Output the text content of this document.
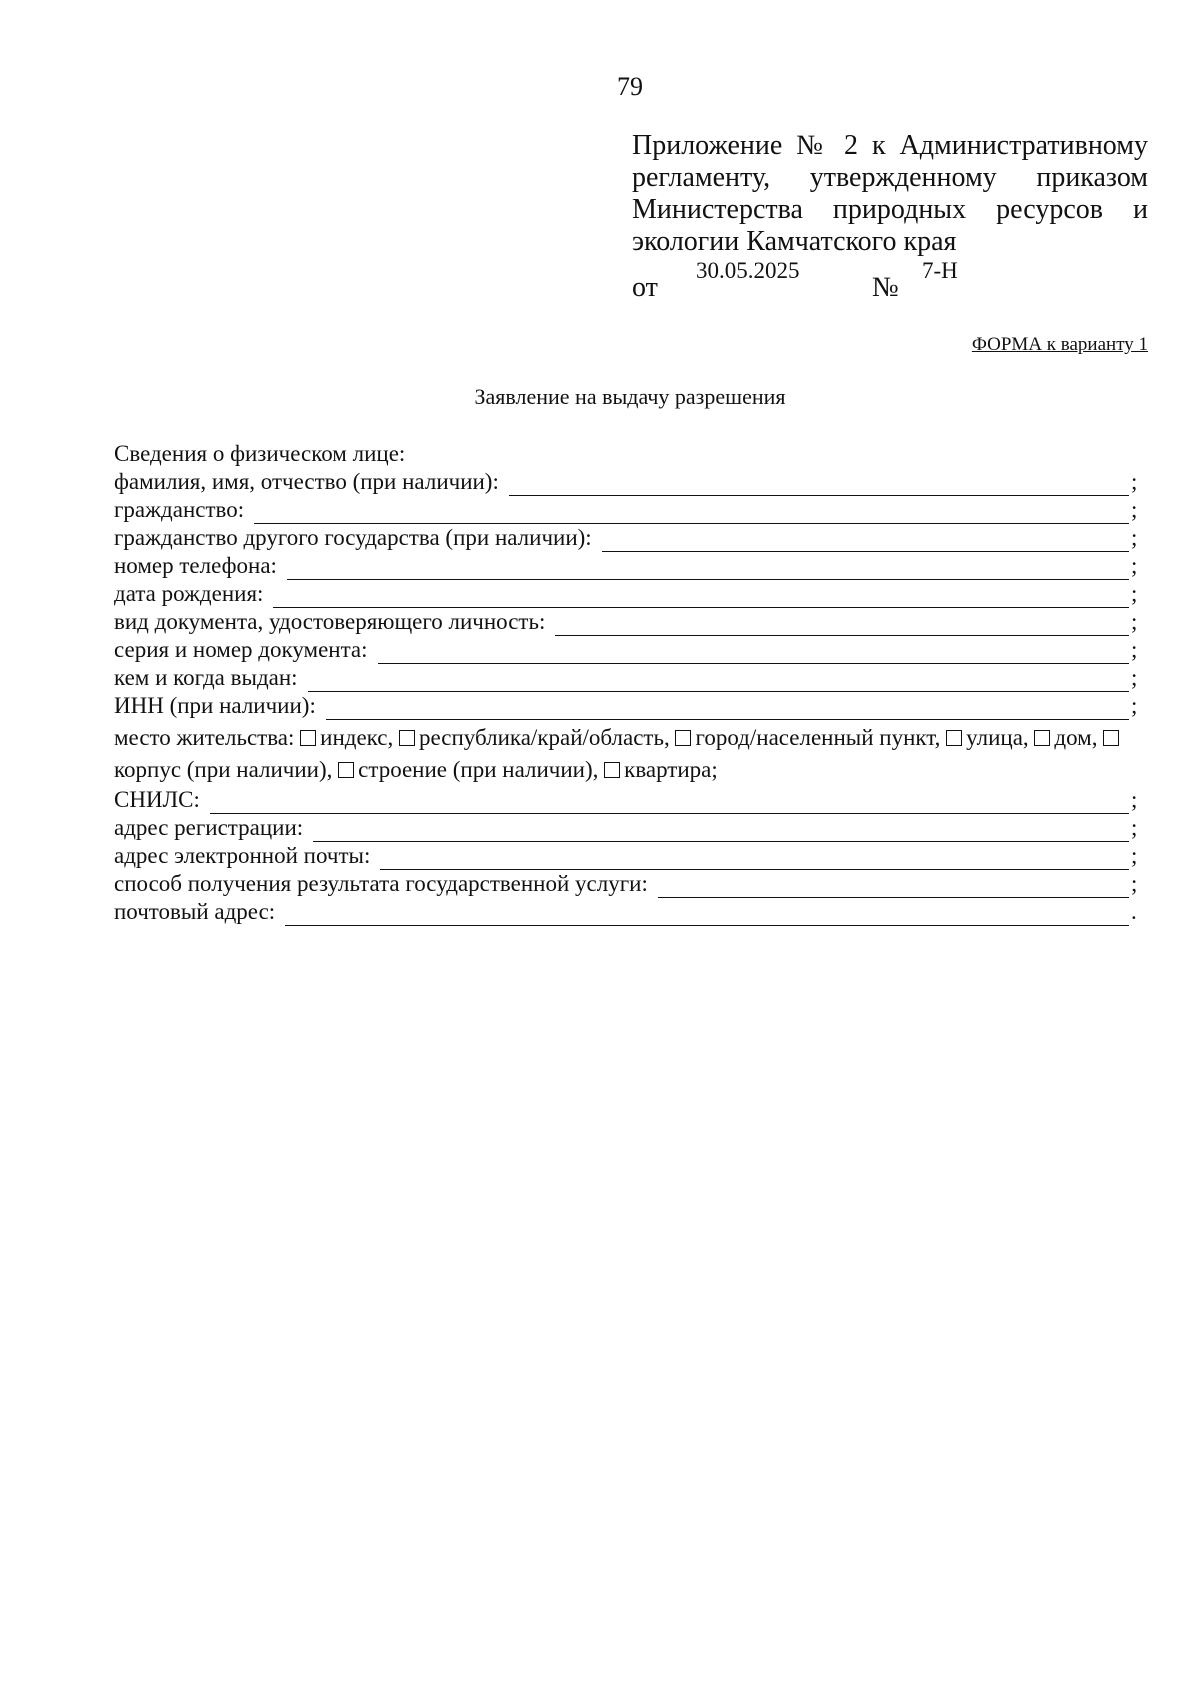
79
Приложение № 2 к Административному
регламенту, утвержденному приказом
Министерства природных ресурсов и
экологии Камчатского края
от
30.05.2025
№
7-Н
ФОРМА к варианту 1
Заявление на выдачу разрешения
Сведения о физическом лице:
фамилия, имя, отчество (при наличии):	;
гражданство:	;
гражданство другого государства (при наличии):	;
номер телефона:	;
дата рождения:	;
вид документа, удостоверяющего личность:	;
серия и номер документа:	;
кем и когда выдан:	;
ИНН (при наличии):	;
место жительства: индекс, республика/край/область, город/населенный пункт, улица, дом, корпус (при наличии), строение (при наличии), квартира;
СНИЛС:	;
адрес регистрации:	;
адрес электронной почты:	;
способ получения результата государственной услуги:	;
почтовый адрес:	.
